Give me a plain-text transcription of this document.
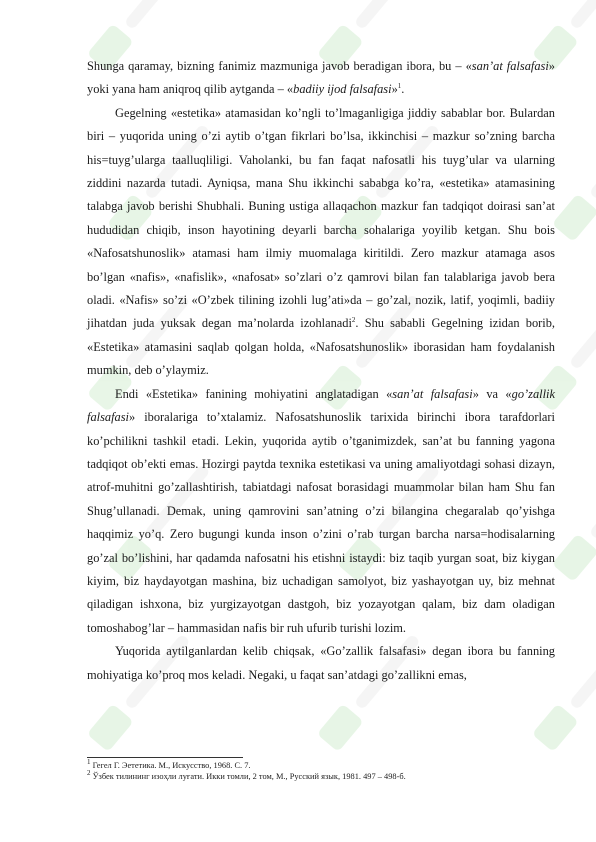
Shunga qaramay, bizning fanimiz mazmuniga javob beradigan ibora, bu – «san’at falsafasi» yoki yana ham aniqroq qilib aytganda – «badiiy ijod falsafasi»$^1$.

Gegelning «estetika» atamasidan ko’ngli to’lmaganligiga jiddiy sabablar bor. Bulardan biri – yuqorida uning o’zi aytib o’tgan fikrlari bo’lsa, ikkinchisi – mazkur so’zning barcha his=tuyg’ularga taalluqliligi. Vaholanki, bu fan faqat nafosatli his tuyg’ular va ularning ziddini nazarda tutadi. Ayniqsa, mana Shu ikkinchi sababga ko’ra, «estetika» atamasining talabga javob berishi Shubhali. Buning ustiga allaqachon mazkur fan tadqiqot doirasi san’at hududidan chiqib, inson hayotining deyarli barcha sohalariga yoyilib ketgan. Shu bois «Nafosatshunoslik» atamasi ham ilmiy muomalaga kiritildi. Zero mazkur atamaga asos bo’lgan «nafis», «nafislik», «nafosat» so’zlari o’z qamrovi bilan fan talablariga javob bera oladi. «Nafis» so’zi «O’zbek tilining izohli lug’ati»da – go’zal, nozik, latif, yoqimli, badiiy jihatdan juda yuksak degan ma’nolarda izohlanadi$^2$. Shu sababli Gegelning izidan borib, «Estetika» atamasini saqlab qolgan holda, «Nafosatshunoslik» iborasidan ham foydalanish mumkin, deb o’ylaymiz.

Endi «Estetika» fanining mohiyatini anglatadigan «san’at falsafasi» va «go’zallik falsafasi» iboralariga to’xtalamiz. Nafosatshunoslik tarixida birinchi ibora tarafdorlari ko’pchilikni tashkil etadi. Lekin, yuqorida aytib o’tganimizdek, san’at bu fanning yagona tadqiqot ob’ekti emas. Hozirgi paytda texnika estetikasi va uning amaliyotdagi sohasi dizayn, atrof-muhitni go’zallashtirish, tabiatdagi nafosat borasidagi muammolar bilan ham Shu fan Shug’ullanadi. Demak, uning qamrovini san’atning o’zi bilangina chegaralab qo’yishga haqqimiz yo’q. Zero bugungi kunda inson o’zini o’rab turgan barcha narsa=hodisalarning go’zal bo’lishini, har qadamda nafosatni his etishni istaydi: biz taqib yurgan soat, biz kiygan kiyim, biz haydayotgan mashina, biz uchadigan samolyot, biz yashayotgan uy, biz mehnat qiladigan ishxona, biz yurgizayotgan dastgoh, biz yozayotgan qalam, biz dam oladigan tomoshabog’lar – hammasidan nafis bir ruh ufurib turishi lozim.

Yuqorida aytilganlardan kelib chiqsak, «Go’zallik falsafasi» degan ibora bu fanning mohiyatiga ko’proq mos keladi. Negaki, u faqat san’atdagi go’zallikni emas,

$^1$ Гегел Г. Эететика. М., Искусство, 1968. С. 7.
$^2$ Ўзбек тилининг изоҳли луғати. Икки томли, 2 том, М., Русский язык, 1981. 497 – 498-б.
